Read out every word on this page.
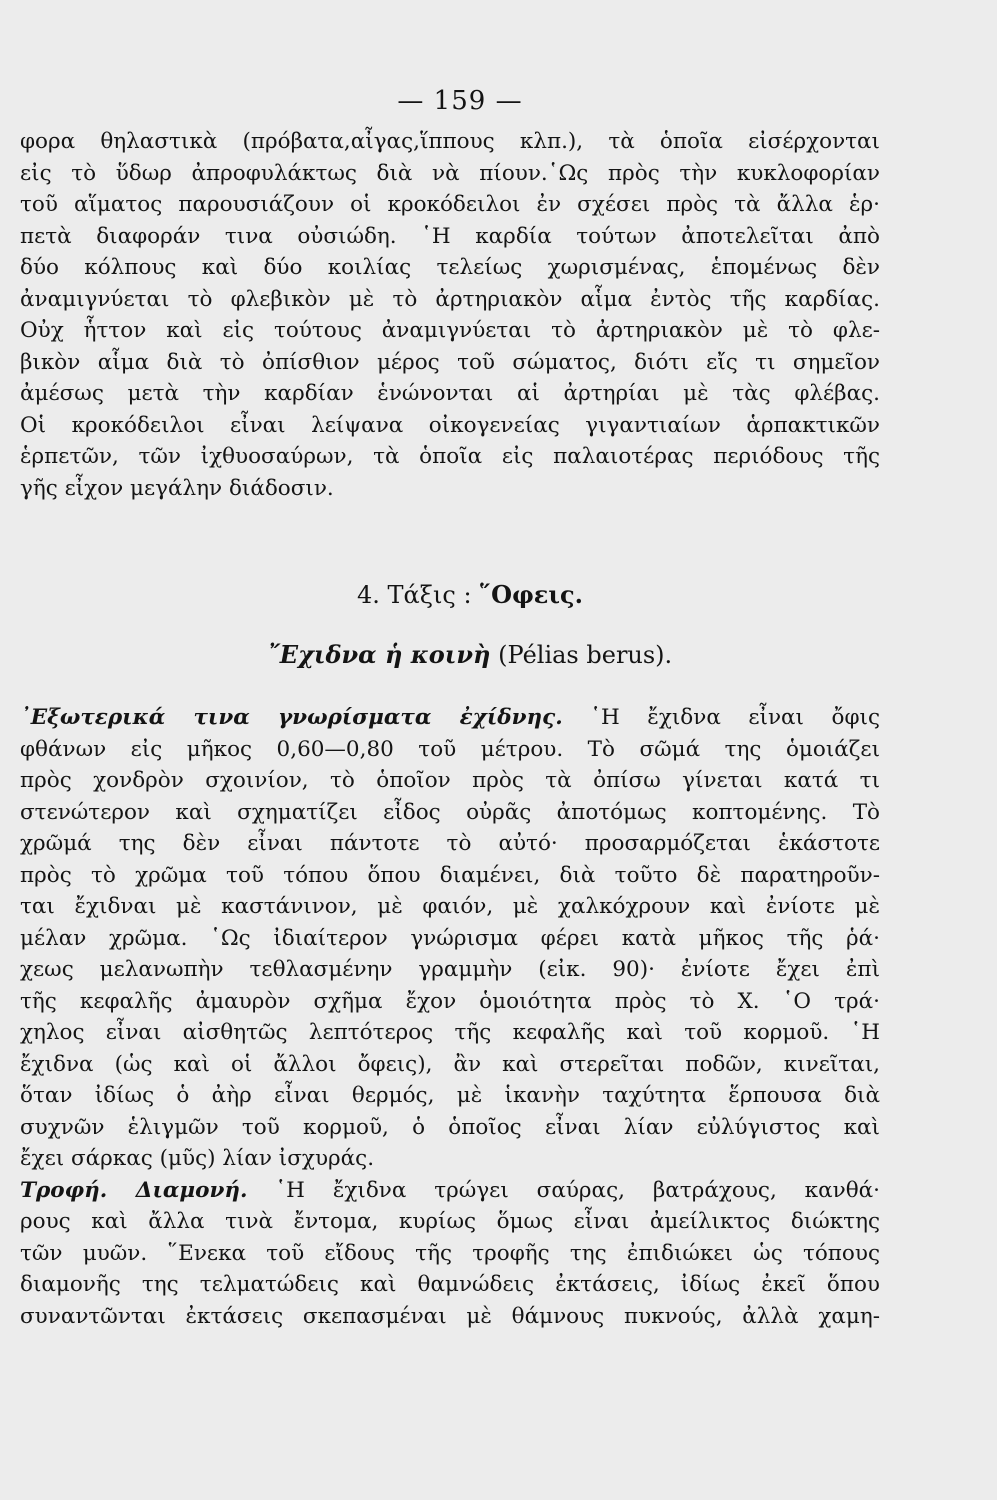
— 159 —
φορα θηλαστικὰ (πρόβατα,αἶγας,ἵππους κλπ.), τὰ ὁποῖα εἰσέρχονται
εἰς τὸ ὕδωρ ἀπροφυλάκτως διὰ νὰ πίουν.῾Ως πρὸς τὴν κυκλοφορίαν
τοῦ αἵματος παρουσιάζουν οἱ κροκόδειλοι ἐν σχέσει πρὸς τὰ ἄλλα ἑρ·
πετὰ διαφοράν τινα οὐσιώδη. ῾Η καρδία τούτων ἀποτελεῖται ἀπὸ
δύο κόλπους καὶ δύο κοιλίας τελείως χωρισμένας, ἑπομένως δὲν
ἀναμιγνύεται τὸ φλεβικὸν μὲ τὸ ἀρτηριακὸν αἷμα ἐντὸς τῆς καρδίας.
Οὐχ ἧττον καὶ εἰς τούτους ἀναμιγνύεται τὸ ἀρτηριακὸν μὲ τὸ φλε-
βικὸν αἷμα διὰ τὸ ὀπίσθιον μέρος τοῦ σώματος, διότι εἴς τι σημεῖον
ἀμέσως μετὰ τὴν καρδίαν ἑνώνονται αἱ ἀρτηρίαι μὲ τὰς φλέβας.
Οἱ κροκόδειλοι εἶναι λείψανα οἰκογενείας γιγαντιαίων ἁρπακτικῶν
ἑρπετῶν, τῶν ἰχθυοσαύρων, τὰ ὁποῖα εἰς παλαιοτέρας περιόδους τῆς
γῆς εἶχον μεγάλην διάδοσιν.
4. Τάξις : ῞Οφεις.
῎Εχιδνα ἡ κοινὴ (Pélias berus).
᾿Εξωτερικά τινα γνωρίσματα ἐχίδνης. ῾Η ἔχιδνα εἶναι ὄφις
φθάνων εἰς μῆκος 0,60—0,80 τοῦ μέτρου. Τὸ σῶμά της ὁμοιάζει
πρὸς χονδρὸν σχοινίον, τὸ ὁποῖον πρὸς τὰ ὀπίσω γίνεται κατά τι
στενώτερον καὶ σχηματίζει εἶδος οὐρᾶς ἀποτόμως κοπτομένης. Τὸ
χρῶμά της δὲν εἶναι πάντοτε τὸ αὐτό· προσαρμόζεται ἑκάστοτε
πρὸς τὸ χρῶμα τοῦ τόπου ὅπου διαμένει, διὰ τοῦτο δὲ παρατηροῦν-
ται ἔχιδναι μὲ καστάνινον, μὲ φαιόν, μὲ χαλκόχρουν καὶ ἐνίοτε μὲ
μέλαν χρῶμα. ῾Ως ἰδιαίτερον γνώρισμα φέρει κατὰ μῆκος τῆς ῥά·
χεως μελανωπὴν τεθλασμένην γραμμὴν (εἰκ. 90)· ἐνίοτε ἔχει ἐπὶ
τῆς κεφαλῆς ἀμαυρὸν σχῆμα ἔχον ὁμοιότητα πρὸς τὸ X. ῾Ο τρά·
χηλος εἶναι αἰσθητῶς λεπτότερος τῆς κεφαλῆς καὶ τοῦ κορμοῦ. ῾Η
ἔχιδνα (ὡς καὶ οἱ ἄλλοι ὄφεις), ἂν καὶ στερεῖται ποδῶν, κινεῖται,
ὅταν ἰδίως ὁ ἀὴρ εἶναι θερμός, μὲ ἱκανὴν ταχύτητα ἕρπουσα διὰ
συχνῶν ἑλιγμῶν τοῦ κορμοῦ, ὁ ὁποῖος εἶναι λίαν εὐλύγιστος καὶ
ἔχει σάρκας (μῦς) λίαν ἰσχυράς.
Τροφή. Διαμονή. ῾Η ἔχιδνα τρώγει σαύρας, βατράχους, κανθά·
ρους καὶ ἄλλα τινὰ ἔντομα, κυρίως ὅμως εἶναι ἀμείλικτος διώκτης
τῶν μυῶν. ῞Ενεκα τοῦ εἴδους τῆς τροφῆς της ἐπιδιώκει ὡς τόπους
διαμονῆς της τελματώδεις καὶ θαμνώδεις ἐκτάσεις, ἰδίως ἐκεῖ ὅπου
συναντῶνται ἐκτάσεις σκεπασμέναι μὲ θάμνους πυκνούς, ἀλλὰ χαμη-
